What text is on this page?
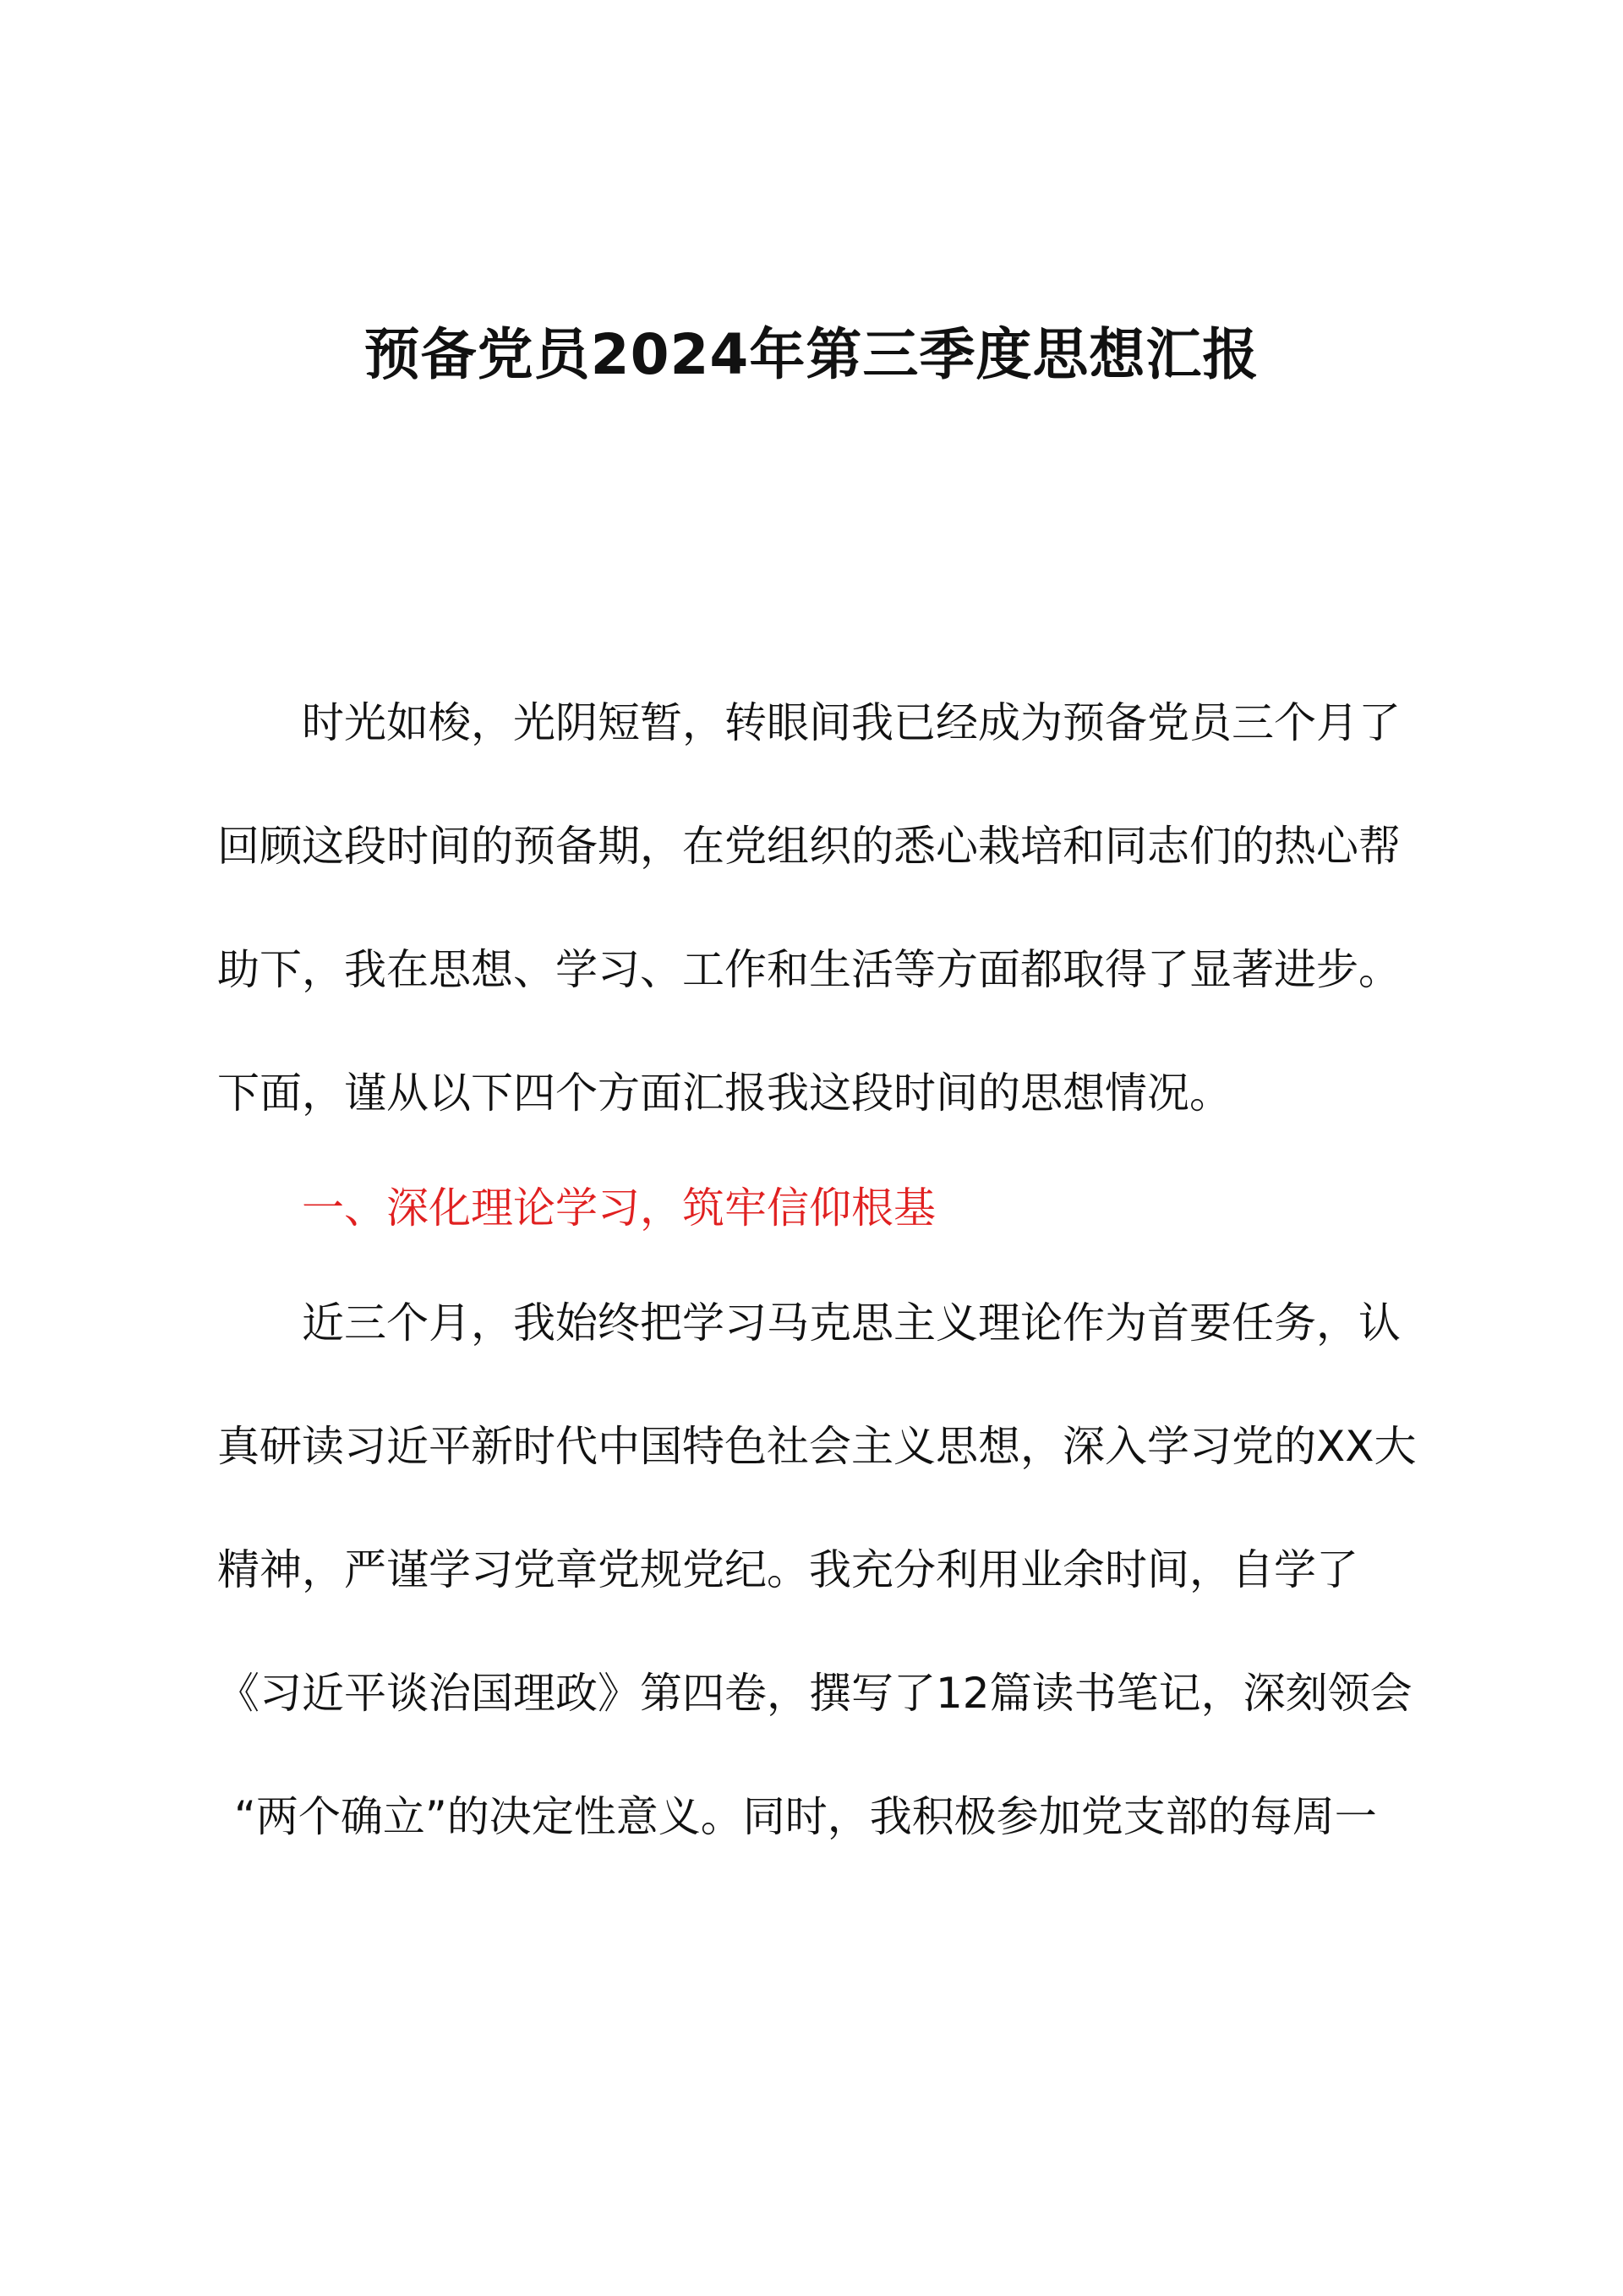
预备党员2024年第三季度思想汇报

时光如梭，光阴短暂，转眼间我已经成为预备党员三个月了

回顾这段时间的预备期，在党组织的悉心栽培和同志们的热心帮

助下，我在思想、学习、工作和生活等方面都取得了显著进步。

下面，谨从以下四个方面汇报我这段时间的思想情况。

一、深化理论学习，筑牢信仰根基

近三个月，我始终把学习马克思主义理论作为首要任务，认

真研读习近平新时代中国特色社会主义思想，深入学习党的XX大

精神，严谨学习党章党规党纪。我充分利用业余时间，自学了

《习近平谈治国理政》第四卷，撰写了12篇读书笔记，深刻领会

“两个确立”的决定性意义。同时，我积极参加党支部的每周一
